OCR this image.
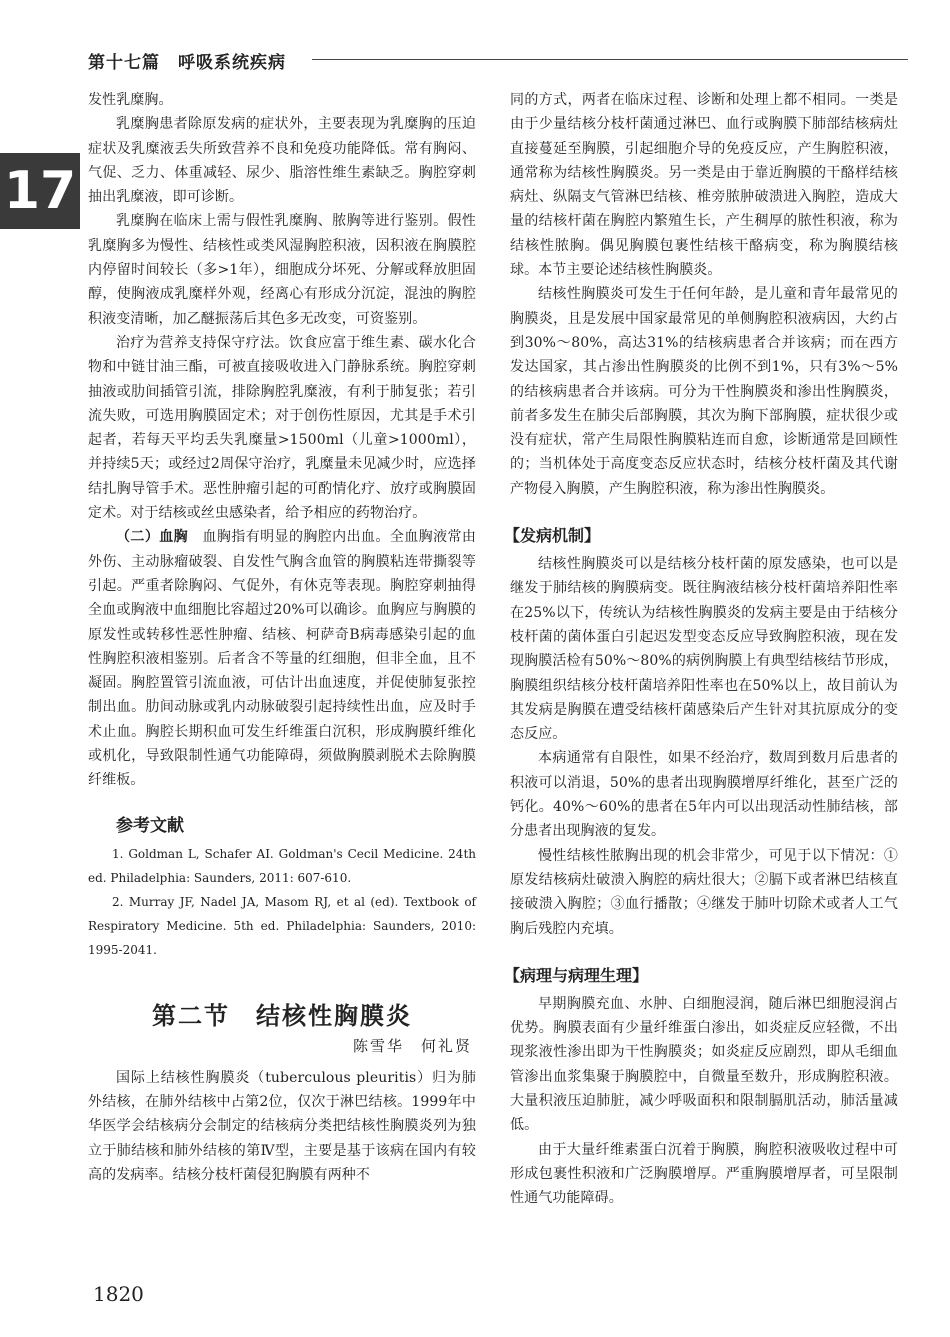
第十七篇　呼吸系统疾病
17

发性乳糜胸。

乳糜胸患者除原发病的症状外，主要表现为乳糜胸的压迫症状及乳糜液丢失所致营养不良和免疫功能降低。常有胸闷、气促、乏力、体重减轻、尿少、脂溶性维生素缺乏。胸腔穿刺抽出乳糜液，即可诊断。

乳糜胸在临床上需与假性乳糜胸、脓胸等进行鉴别。假性乳糜胸多为慢性、结核性或类风湿胸腔积液，因积液在胸膜腔内停留时间较长（多>1年），细胞成分坏死、分解或释放胆固醇，使胸液成乳糜样外观，经离心有形成分沉淀，混浊的胸腔积液变清晰，加乙醚振荡后其色多无改变，可资鉴别。

治疗为营养支持保守疗法。饮食应富于维生素、碳水化合物和中链甘油三酯，可被直接吸收进入门静脉系统。胸腔穿刺抽液或肋间插管引流，排除胸腔乳糜液，有利于肺复张；若引流失败，可选用胸膜固定术；对于创伤性原因，尤其是手术引起者，若每天平均丢失乳糜量>1500ml（儿童>1000ml），并持续5天；或经过2周保守治疗，乳糜量未见减少时，应选择结扎胸导管手术。恶性肿瘤引起的可酌情化疗、放疗或胸膜固定术。对于结核或丝虫感染者，给予相应的药物治疗。

（二）血胸　血胸指有明显的胸腔内出血。全血胸液常由外伤、主动脉瘤破裂、自发性气胸含血管的胸膜粘连带撕裂等引起。严重者除胸闷、气促外，有休克等表现。胸腔穿刺抽得全血或胸液中血细胞比容超过20%可以确诊。血胸应与胸膜的原发性或转移性恶性肿瘤、结核、柯萨奇B病毒感染引起的血性胸腔积液相鉴别。后者含不等量的红细胞，但非全血，且不凝固。胸腔置管引流血液，可估计出血速度，并促使肺复张控制出血。肋间动脉或乳内动脉破裂引起持续性出血，应及时手术止血。胸腔长期积血可发生纤维蛋白沉积，形成胸膜纤维化或机化，导致限制性通气功能障碍，须做胸膜剥脱术去除胸膜纤维板。

参考文献
1. Goldman L, Schafer AI. Goldman's Cecil Medicine. 24th ed. Philadelphia: Saunders, 2011: 607-610.
2. Murray JF, Nadel JA, Masom RJ, et al (ed). Textbook of Respiratory Medicine. 5th ed. Philadelphia: Saunders, 2010: 1995-2041.
第二节　结核性胸膜炎
陈雪华　何礼贤

国际上结核性胸膜炎（tuberculous pleuritis）归为肺外结核，在肺外结核中占第2位，仅次于淋巴结核。1999年中华医学会结核病分会制定的结核病分类把结核性胸膜炎列为独立于肺结核和肺外结核的第Ⅳ型，主要是基于该病在国内有较高的发病率。结核分枝杆菌侵犯胸膜有两种不

同的方式，两者在临床过程、诊断和处理上都不相同。一类是由于少量结核分枝杆菌通过淋巴、血行或胸膜下肺部结核病灶直接蔓延至胸膜，引起细胞介导的免疫反应，产生胸腔积液，通常称为结核性胸膜炎。另一类是由于靠近胸膜的干酪样结核病灶、纵隔支气管淋巴结核、椎旁脓肿破溃进入胸腔，造成大量的结核杆菌在胸腔内繁殖生长，产生稠厚的脓性积液，称为结核性脓胸。偶见胸膜包裹性结核干酪病变，称为胸膜结核球。本节主要论述结核性胸膜炎。

结核性胸膜炎可发生于任何年龄，是儿童和青年最常见的胸膜炎，且是发展中国家最常见的单侧胸腔积液病因，大约占到30%～80%，高达31%的结核病患者合并该病；而在西方发达国家，其占渗出性胸膜炎的比例不到1%，只有3%～5%的结核病患者合并该病。可分为干性胸膜炎和渗出性胸膜炎，前者多发生在肺尖后部胸膜，其次为胸下部胸膜，症状很少或没有症状，常产生局限性胸膜粘连而自愈，诊断通常是回顾性的；当机体处于高度变态反应状态时，结核分枝杆菌及其代谢产物侵入胸膜，产生胸腔积液，称为渗出性胸膜炎。

【发病机制】

结核性胸膜炎可以是结核分枝杆菌的原发感染，也可以是继发于肺结核的胸膜病变。既往胸液结核分枝杆菌培养阳性率在25%以下，传统认为结核性胸膜炎的发病主要是由于结核分枝杆菌的菌体蛋白引起迟发型变态反应导致胸腔积液，现在发现胸膜活检有50%～80%的病例胸膜上有典型结核结节形成，胸膜组织结核分枝杆菌培养阳性率也在50%以上，故目前认为其发病是胸膜在遭受结核杆菌感染后产生针对其抗原成分的变态反应。

本病通常有自限性，如果不经治疗，数周到数月后患者的积液可以消退，50%的患者出现胸膜增厚纤维化，甚至广泛的钙化。40%～60%的患者在5年内可以出现活动性肺结核，部分患者出现胸液的复发。

慢性结核性脓胸出现的机会非常少，可见于以下情况：①原发结核病灶破溃入胸腔的病灶很大；②膈下或者淋巴结核直接破溃入胸腔；③血行播散；④继发于肺叶切除术或者人工气胸后残腔内充填。

【病理与病理生理】

早期胸膜充血、水肿、白细胞浸润，随后淋巴细胞浸润占优势。胸膜表面有少量纤维蛋白渗出，如炎症反应轻微，不出现浆液性渗出即为干性胸膜炎；如炎症反应剧烈，即从毛细血管渗出血浆集聚于胸膜腔中，自微量至数升，形成胸腔积液。大量积液压迫肺脏，减少呼吸面积和限制膈肌活动，肺活量减低。

由于大量纤维素蛋白沉着于胸膜，胸腔积液吸收过程中可形成包裹性积液和广泛胸膜增厚。严重胸膜增厚者，可呈限制性通气功能障碍。

1820
